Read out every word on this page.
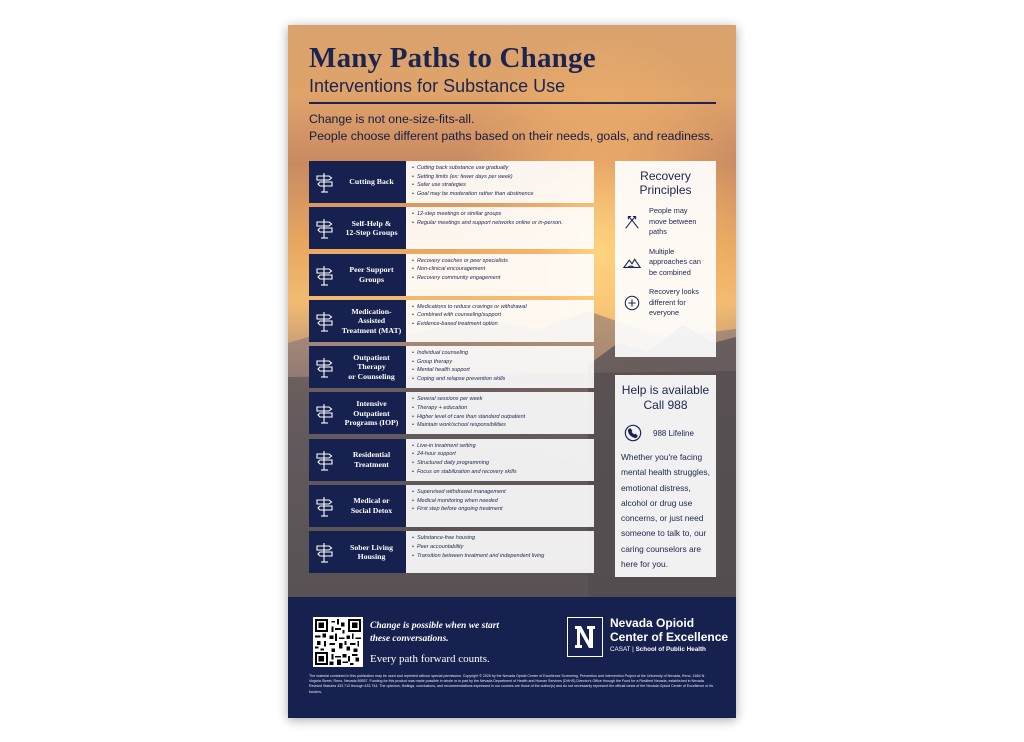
Many Paths to Change
Interventions for Substance Use
Change is not one-size-fits-all.
People choose different paths based on their needs, goals, and readiness.
Cutting Back
• Cutting back substance use gradually
• Setting limits (ex: fewer days per week)
• Safer use strategies
• Goal may be moderation rather than abstinence
Self-Help &
12-Step Groups
• 12-step meetings or similar groups
• Regular meetings and support networks online or in-person.
Peer Support
Groups
• Recovery coaches or peer specialists
• Non-clinical encouragement
• Recovery community engagement
Medication-
Assisted
Treatment (MAT)
• Medications to reduce cravings or withdrawal
• Combined with counseling/support
• Evidence-based treatment option
Outpatient
Therapy
or Counseling
• Individual counseling
• Group therapy
• Mental health support
• Coping and relapse prevention skills
Intensive
Outpatient
Programs (IOP)
• Several sessions per week
• Therapy + education
• Higher level of care than standard outpatient
• Maintain work/school responsibilities
Residential
Treatment
• Live-in treatment setting
• 24-hour support
• Structured daily programming
• Focus on stabilization and recovery skills
Medical or
Social Detox
• Supervised withdrawal management
• Medical monitoring when needed
• First step before ongoing treatment
Sober Living
Housing
• Substance-free housing
• Peer accountability
• Transition between treatment and independent living
Recovery
Principles
People may move between paths
Multiple approaches can be combined
Recovery looks different for everyone
Help is available
Call 988
988 Lifeline
Whether you're facing mental health struggles, emotional distress, alcohol or drug use concerns, or just need someone to talk to, our caring counselors are here for you.
Change is possible when we start
these conversations.
Every path forward counts.
Nevada Opioid
Center of Excellence
CASAT | School of Public Health
The material contained in this publication may be used and reprinted without special permission. Copyright © 2026 by the Nevada Opioid Center of Excellence Screening, Prevention and Intervention Project at the University of Nevada, Reno, 1664 N. Virginia Street, Reno, Nevada 89557. Funding for this product was made possible in whole or in part by the Nevada Department of Health and Human Services (DHHS) Director's Office through the Fund for a Resilient Nevada, established in Nevada Revised Statutes 433.712 through 433.744. The opinions, findings, conclusions, and recommendations expressed in our courses are those of the author(s) and do not necessarily represent the official views of the Nevada Opioid Center of Excellence or its funders.
